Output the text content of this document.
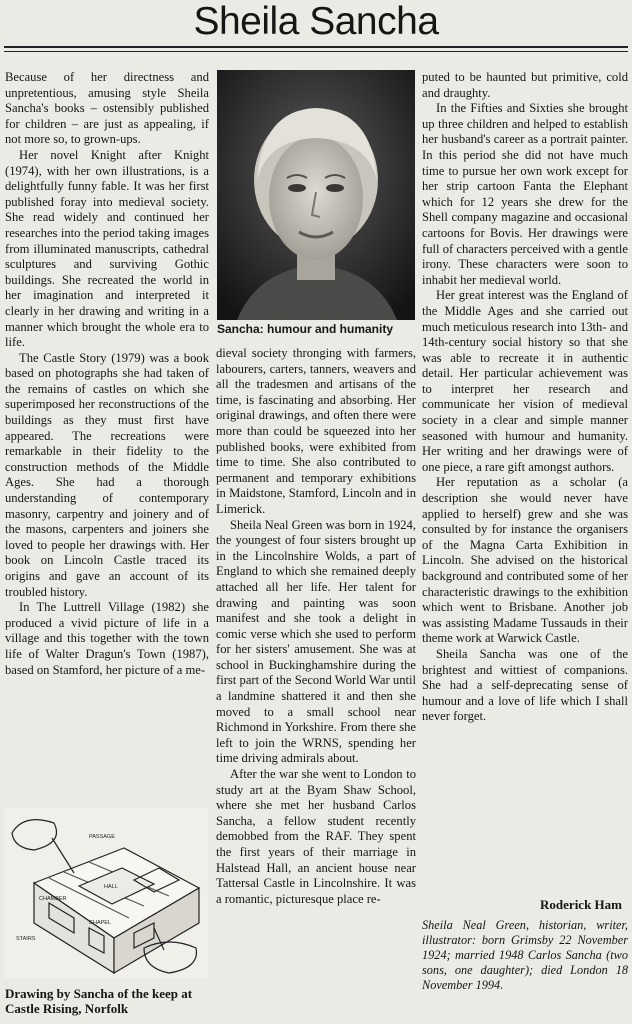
Sheila Sancha

Because of her directness and unpretentious, amusing style Sheila Sancha's books – ostensibly published for children – are just as appealing, if not more so, to grown-ups.

Her novel Knight after Knight (1974), with her own illustrations, is a delightfully funny fable. It was her first published foray into medieval society. She read widely and continued her researches into the period taking images from illuminated manuscripts, cathedral sculptures and surviving Gothic buildings. She recreated the world in her imagination and interpreted it clearly in her drawing and writing in a manner which brought the whole era to life.

The Castle Story (1979) was a book based on photographs she had taken of the remains of castles on which she superimposed her reconstructions of the buildings as they must first have appeared. The recreations were remarkable in their fidelity to the construction methods of the Middle Ages. She had a thorough understanding of contemporary masonry, carpentry and joinery and of the masons, carpenters and joiners she loved to people her drawings with. Her book on Lincoln Castle traced its origins and gave an account of its troubled history.

In The Luttrell Village (1982) she produced a vivid picture of life in a village and this together with the town life of Walter Dragun's Town (1987), based on Stamford, her picture of a me-

Sancha: humour and humanity

dieval society thronging with farmers, labourers, carters, tanners, weavers and all the tradesmen and artisans of the time, is fascinating and absorbing. Her original drawings, and often there were more than could be squeezed into her published books, were exhibited from time to time. She also contributed to permanent and temporary exhibitions in Maidstone, Stamford, Lincoln and in Limerick.

Sheila Neal Green was born in 1924, the youngest of four sisters brought up in the Lincolnshire Wolds, a part of England to which she remained deeply attached all her life. Her talent for drawing and painting was soon manifest and she took a delight in comic verse which she used to perform for her sisters' amusement. She was at school in Buckinghamshire during the first part of the Second World War until a landmine shattered it and then she moved to a small school near Richmond in Yorkshire. From there she left to join the WRNS, spending her time driving admirals about.

After the war she went to London to study art at the Byam Shaw School, where she met her husband Carlos Sancha, a fellow student recently demobbed from the RAF. They spent the first years of their marriage in Halstead Hall, an ancient house near Tattersal Castle in Lincolnshire. It was a romantic, picturesque place re-

puted to be haunted but primitive, cold and draughty.

In the Fifties and Sixties she brought up three children and helped to establish her husband's career as a portrait painter. In this period she did not have much time to pursue her own work except for her strip cartoon Fanta the Elephant which for 12 years she drew for the Shell company magazine and occasional cartoons for Bovis. Her drawings were full of characters perceived with a gentle irony. These characters were soon to inhabit her medieval world.

Her great interest was the England of the Middle Ages and she carried out much meticulous research into 13th- and 14th-century social history so that she was able to recreate it in authentic detail. Her particular achievement was to interpret her research and communicate her vision of medieval society in a clear and simple manner seasoned with humour and humanity. Her writing and her drawings were of one piece, a rare gift amongst authors.

Her reputation as a scholar (a description she would never have applied to herself) grew and she was consulted by for instance the organisers of the Magna Carta Exhibition in Lincoln. She advised on the historical background and contributed some of her characteristic drawings to the exhibition which went to Brisbane. Another job was assisting Madame Tussauds in their theme work at Warwick Castle.

Sheila Sancha was one of the brightest and wittiest of companions. She had a self-deprecating sense of humour and a love of life which I shall never forget.

Roderick Ham
Sheila Neal Green, historian, writer, illustrator: born Grimsby 22 November 1924; married 1948 Carlos Sancha (two sons, one daughter); died London 18 November 1994.
PASSAGE
HALL
CHAMBER
CHAPEL
STAIRS
Drawing by Sancha of the keep at Castle Rising, Norfolk
